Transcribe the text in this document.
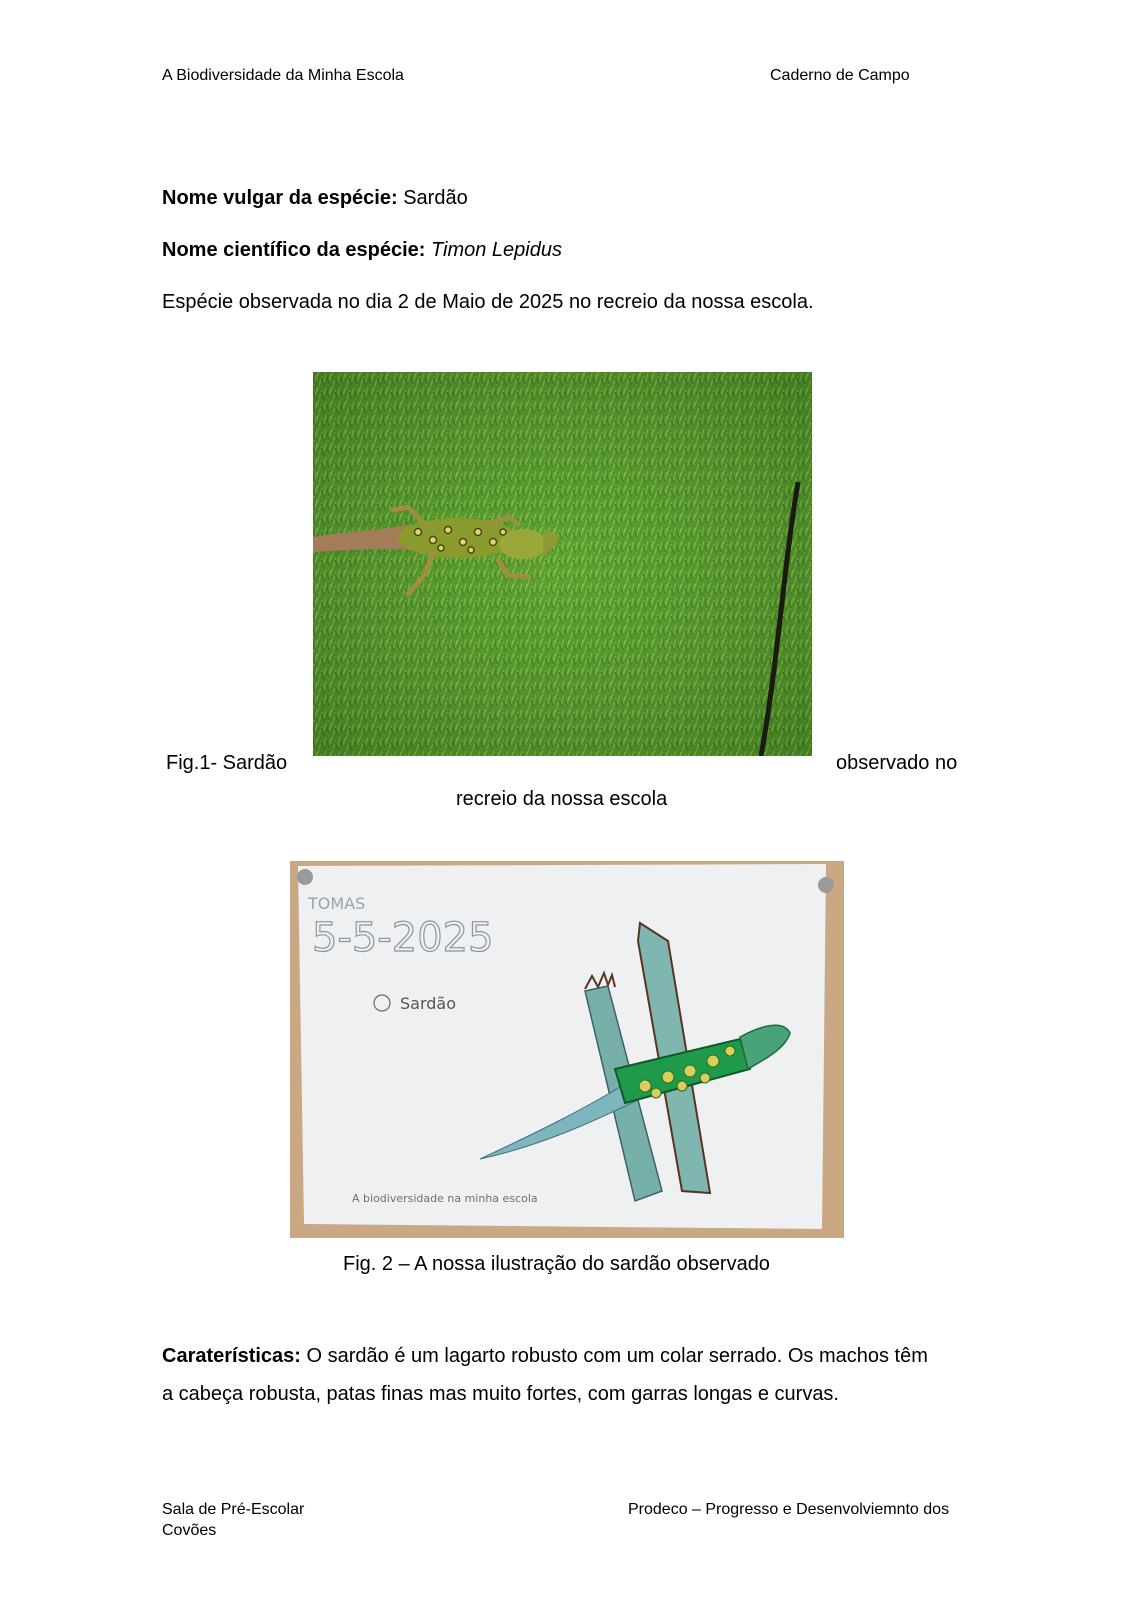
A Biodiversidade da Minha Escola	Caderno de Campo
Nome vulgar da espécie: Sardão
Nome científico da espécie: Timon Lepidus
Espécie observada no dia 2 de Maio de 2025 no recreio da nossa escola.
Fig.1- Sardão	observado no
recreio da nossa escola
TOMAS
5-5-2025
Sardão
A biodiversidade na minha escola
Fig. 2 – A nossa ilustração do sardão observado
Caraterísticas: O sardão é um lagarto robusto com um colar serrado. Os machos têm
a cabeça robusta, patas finas mas muito fortes, com garras longas e curvas.
Sala de Pré-Escolar
Covões
Prodeco – Progresso e Desenvolviemnto dos
